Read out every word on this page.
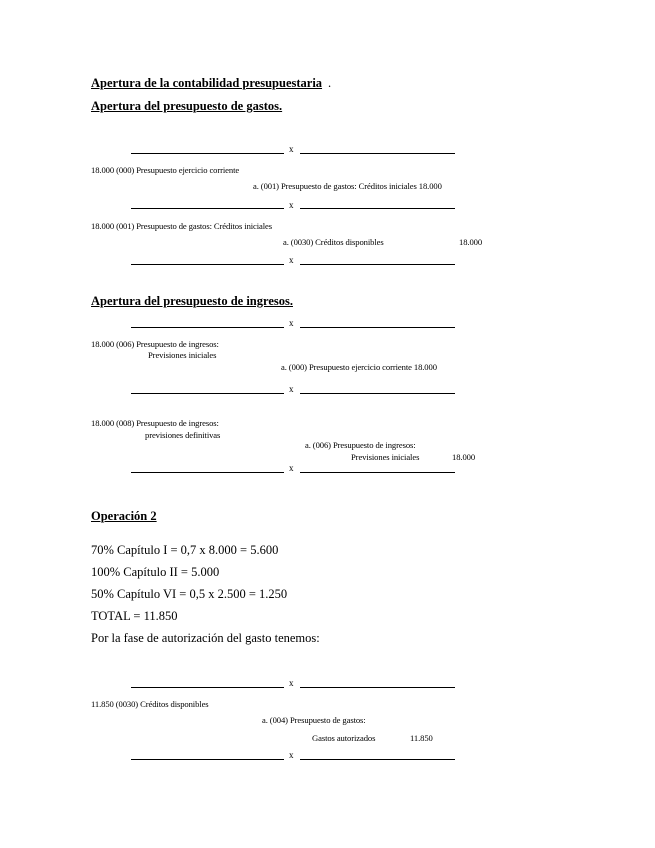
Apertura de la contabilidad presupuestaria .
Apertura del presupuesto de gastos.
x
18.000 (000) Presupuesto ejercicio corriente
a. (001) Presupuesto de gastos: Créditos iniciales 18.000
x
18.000 (001) Presupuesto de gastos: Créditos iniciales
a. (0030) Créditos disponibles	18.000
x
Apertura del presupuesto de ingresos.
x
18.000 (006) Presupuesto de ingresos:
Previsiones iniciales
a. (000) Presupuesto ejercicio corriente 18.000
x
18.000 (008) Presupuesto de ingresos:
previsiones definitivas
a. (006) Presupuesto de ingresos:
Previsiones iniciales	18.000
x
Operación 2
70% Capítulo I = 0,7 x 8.000 = 5.600
100% Capítulo II = 5.000
50% Capítulo VI = 0,5 x 2.500 = 1.250
TOTAL = 11.850
Por la fase de autorización del gasto tenemos:
x
11.850 (0030) Créditos disponibles
a. (004) Presupuesto de gastos:
Gastos autorizados	11.850
x
